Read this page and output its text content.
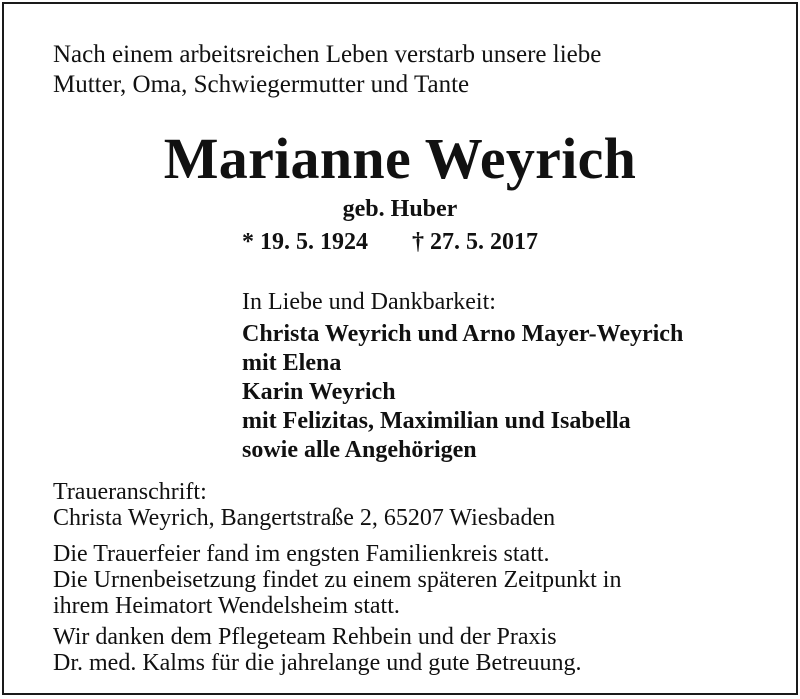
Nach einem arbeitsreichen Leben verstarb unsere liebe
Mutter, Oma, Schwiegermutter und Tante
Marianne Weyrich
geb. Huber
* 19. 5. 1924 † 27. 5. 2017
In Liebe und Dankbarkeit:
Christa Weyrich und Arno Mayer-Weyrich
mit Elena
Karin Weyrich
mit Felizitas, Maximilian und Isabella
sowie alle Angehörigen
Traueranschrift:
Christa Weyrich, Bangertstraße 2, 65207 Wiesbaden
Die Trauerfeier fand im engsten Familienkreis statt.
Die Urnenbeisetzung findet zu einem späteren Zeitpunkt in
ihrem Heimatort Wendelsheim statt.
Wir danken dem Pflegeteam Rehbein und der Praxis
Dr. med. Kalms für die jahrelange und gute Betreuung.
